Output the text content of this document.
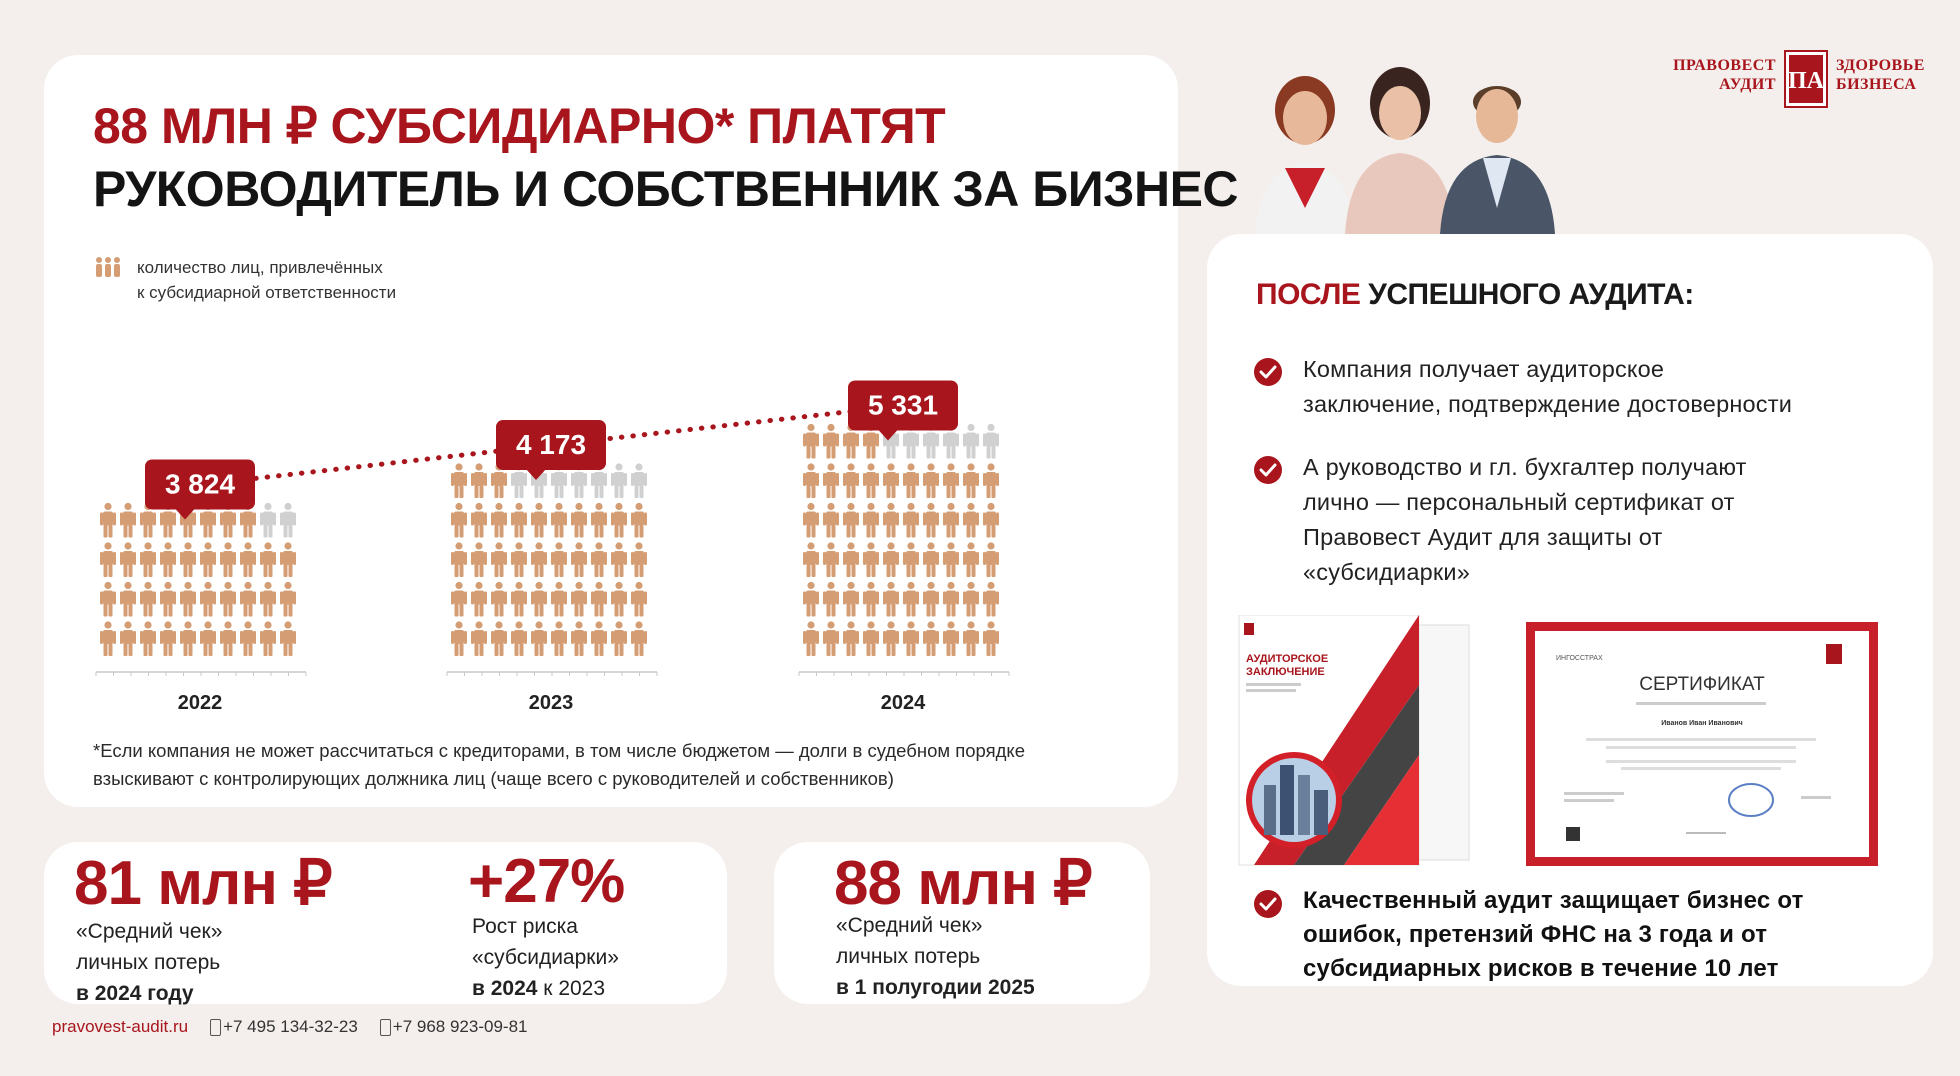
88 МЛН ₽ СУБСИДИАРНО* ПЛАТЯТ
РУКОВОДИТЕЛЬ И СОБСТВЕННИК ЗА БИЗНЕС
количество лиц, привлечённых
к субсидиарной ответственности
2022	2023	2024
3 824
4 173
5 331
*Если компания не может рассчитаться с кредиторами, в том числе бюджетом — долги в судебном порядке
взыскивают с контролирующих должника лиц (чаще всего с руководителей и собственников)
81 млн ₽
«Средний чек»
личных потерь
в 2024 году
+27%
Рост риска
«субсидиарки»
в 2024 к 2023
88 млн ₽
«Средний чек»
личных потерь
в 1 полугодии 2025
ПРАВОВЕСТ
АУДИТ ПА
ЗДОРОВЬЕ
БИЗНЕСА
ПОСЛЕ УСПЕШНОГО АУДИТА:
Компания получает аудиторское
заключение, подтверждение достоверности
А руководство и гл. бухгалтер получают
лично — персональный сертификат от
Правовест Аудит для защиты от
«субсидиарки»
АУДИТОРСКОЕ
ЗАКЛЮЧЕНИЕ
ИНГОССТРАХ
СЕРТИФИКАТ
Иванов Иван Иванович
Качественный аудит защищает бизнес от
ошибок, претензий ФНС на 3 года и от
субсидиарных рисков в течение 10 лет
pravovest-audit.ru +7 495 134-32-23 +7 968 923-09-81
